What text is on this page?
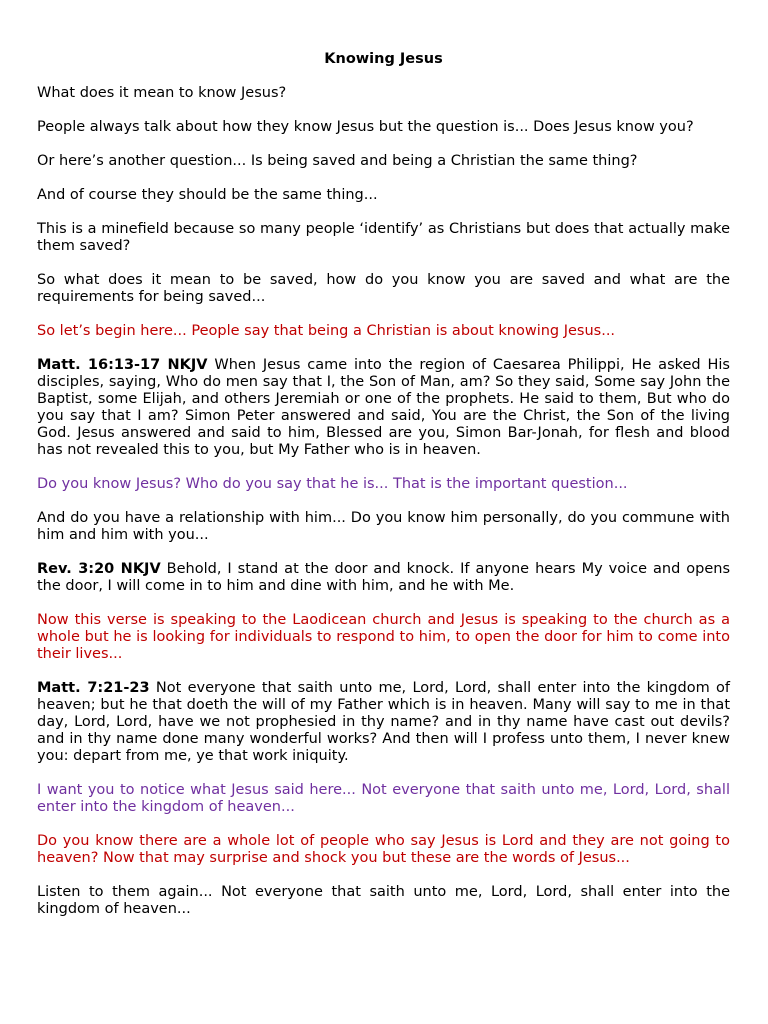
Knowing Jesus

What does it mean to know Jesus?

People always talk about how they know Jesus but the question is... Does Jesus know you?

Or here’s another question... Is being saved and being a Christian the same thing?

And of course they should be the same thing...

This is a minefield because so many people ‘identify’ as Christians but does that actually make them saved?

So what does it mean to be saved, how do you know you are saved and what are the requirements for being saved...

So let’s begin here... People say that being a Christian is about knowing Jesus...

Matt. 16:13-17 NKJV When Jesus came into the region of Caesarea Philippi, He asked His disciples, saying, Who do men say that I, the Son of Man, am? So they said, Some say John the Baptist, some Elijah, and others Jeremiah or one of the prophets. He said to them, But who do you say that I am? Simon Peter answered and said, You are the Christ, the Son of the living God. Jesus answered and said to him, Blessed are you, Simon Bar-Jonah, for flesh and blood has not revealed this to you, but My Father who is in heaven.

Do you know Jesus? Who do you say that he is... That is the important question...

And do you have a relationship with him... Do you know him personally, do you commune with him and him with you...

Rev. 3:20 NKJV Behold, I stand at the door and knock. If anyone hears My voice and opens the door, I will come in to him and dine with him, and he with Me.

Now this verse is speaking to the Laodicean church and Jesus is speaking to the church as a whole but he is looking for individuals to respond to him, to open the door for him to come into their lives...

Matt. 7:21-23 Not everyone that saith unto me, Lord, Lord, shall enter into the kingdom of heaven; but he that doeth the will of my Father which is in heaven. Many will say to me in that day, Lord, Lord, have we not prophesied in thy name? and in thy name have cast out devils? and in thy name done many wonderful works? And then will I profess unto them, I never knew you: depart from me, ye that work iniquity.

I want you to notice what Jesus said here... Not everyone that saith unto me, Lord, Lord, shall enter into the kingdom of heaven...

Do you know there are a whole lot of people who say Jesus is Lord and they are not going to heaven? Now that may surprise and shock you but these are the words of Jesus...

Listen to them again... Not everyone that saith unto me, Lord, Lord, shall enter into the kingdom of heaven...
